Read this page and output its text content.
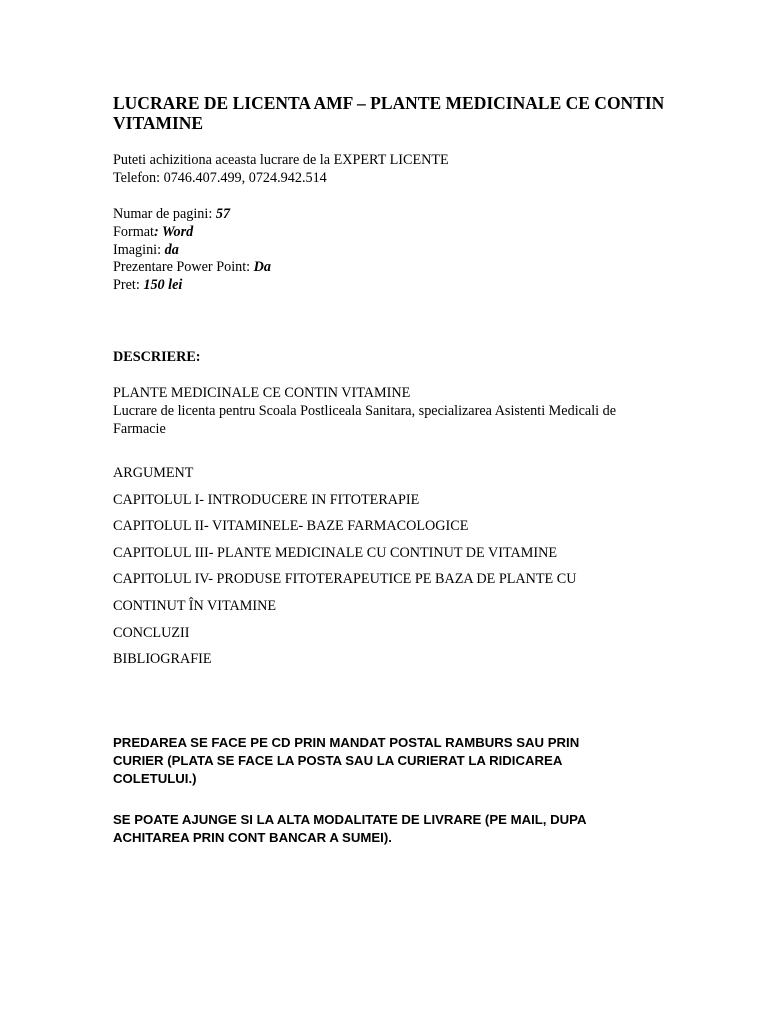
LUCRARE DE LICENTA AMF – PLANTE MEDICINALE CE CONTIN VITAMINE
Puteti achizitiona aceasta lucrare de la EXPERT LICENTE
Telefon: 0746.407.499, 0724.942.514
Numar de pagini: 57
Format: Word
Imagini: da
Prezentare Power Point: Da
Pret: 150 lei
DESCRIERE:
PLANTE MEDICINALE CE CONTIN VITAMINE
Lucrare de licenta pentru Scoala Postliceala Sanitara, specializarea Asistenti Medicali de Farmacie
ARGUMENT
CAPITOLUL I- INTRODUCERE IN FITOTERAPIE
CAPITOLUL II- VITAMINELE- BAZE FARMACOLOGICE
CAPITOLUL III- PLANTE MEDICINALE CU CONTINUT DE VITAMINE
CAPITOLUL IV- PRODUSE FITOTERAPEUTICE PE BAZA DE PLANTE CU
CONTINUT ÎN VITAMINE
CONCLUZII
BIBLIOGRAFIE
PREDAREA SE FACE PE CD PRIN MANDAT POSTAL RAMBURS SAU PRIN CURIER (PLATA SE FACE LA POSTA SAU LA CURIERAT LA RIDICAREA COLETULUI.)
SE POATE AJUNGE SI LA ALTA MODALITATE DE LIVRARE (PE MAIL, DUPA ACHITAREA PRIN CONT BANCAR A SUMEI).
